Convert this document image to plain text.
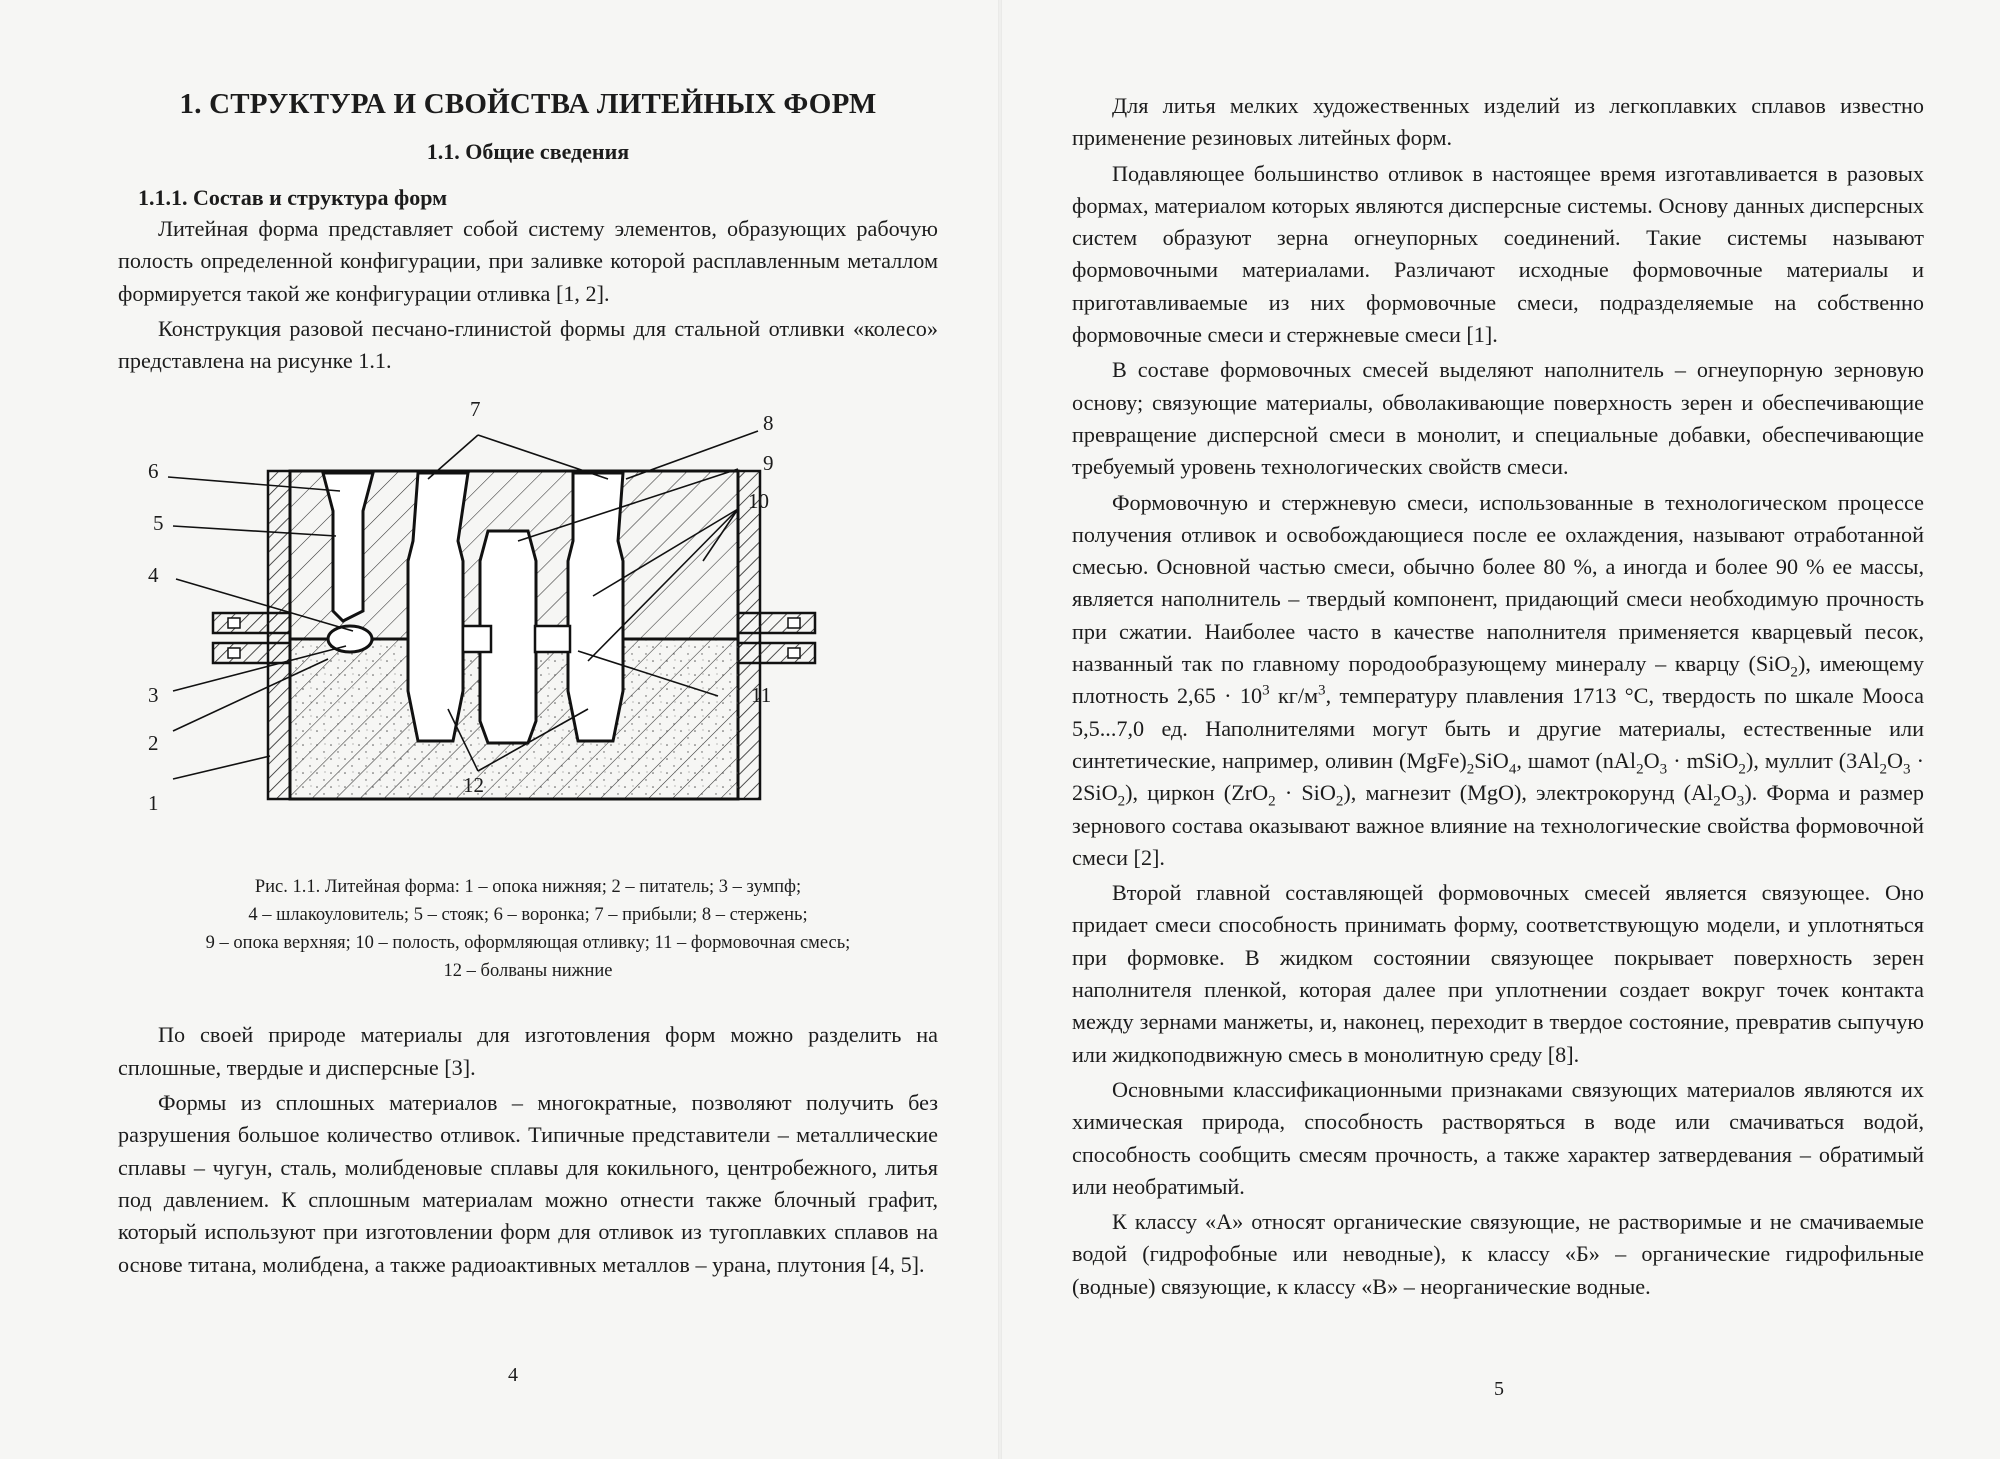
1. СТРУКТУРА И СВОЙСТВА ЛИТЕЙНЫХ ФОРМ
1.1. Общие сведения
1.1.1. Состав и структура форм

Литейная форма представляет собой систему элементов, образующих рабочую полость определенной конфигурации, при заливке которой расплавленным металлом формируется такой же конфигурации отливка [1, 2].

Конструкция разовой песчано-глинистой формы для стальной отливки «колесо» представлена на рисунке 1.1.

1
2
3
4
5
6
7
8
9
10
11
12
Рис. 1.1. Литейная форма: 1 – опока нижняя; 2 – питатель; 3 – зумпф;
4 – шлакоуловитель; 5 – стояк; 6 – воронка; 7 – прибыли; 8 – стержень;
9 – опока верхняя; 10 – полость, оформляющая отливку; 11 – формовочная смесь;
12 – болваны нижние

По своей природе материалы для изготовления форм можно разделить на сплошные, твердые и дисперсные [3].

Формы из сплошных материалов – многократные, позволяют получить без разрушения большое количество отливок. Типичные представители – металлические сплавы – чугун, сталь, молибденовые сплавы для кокильного, центробежного, литья под давлением. К сплошным материалам можно отнести также блочный графит, который используют при изготовлении форм для отливок из тугоплавких сплавов на основе титана, молибдена, а также радиоактивных металлов – урана, плутония [4, 5].

4

Для литья мелких художественных изделий из легкоплавких сплавов известно применение резиновых литейных форм.

Подавляющее большинство отливок в настоящее время изготавливается в разовых формах, материалом которых являются дисперсные системы. Основу данных дисперсных систем образуют зерна огнеупорных соединений. Такие системы называют формовочными материалами. Различают исходные формовочные материалы и приготавливаемые из них формовочные смеси, подразделяемые на собственно формовочные смеси и стержневые смеси [1].

В составе формовочных смесей выделяют наполнитель – огнеупорную зерновую основу; связующие материалы, обволакивающие поверхность зерен и обеспечивающие превращение дисперсной смеси в монолит, и специальные добавки, обеспечивающие требуемый уровень технологических свойств смеси.

Формовочную и стержневую смеси, использованные в технологическом процессе получения отливок и освобождающиеся после ее охлаждения, называют отработанной смесью. Основной частью смеси, обычно более 80 %, а иногда и более 90 % ее массы, является наполнитель – твердый компонент, придающий смеси необходимую прочность при сжатии. Наиболее часто в качестве наполнителя применяется кварцевый песок, названный так по главному породообразующему минералу – кварцу (SiO$_2$), имеющему плотность $2,65 \cdot 10^3$ $кг/м^3$, температуру плавления 1713 °С, твердость по шкале Мооса 5,5...7,0 ед. Наполнителями могут быть и другие материалы, естественные или синтетические, например, оливин $(MgFe)_2SiO_4$, шамот ($nAl_2O_3$ · mSiO$_2$), муллит $(3Al_2O_3 \cdot 2SiO_2)$, циркон (ZrO$_2$ · SiO$_2$), магнезит (MgO), электрокорунд $(Al_2O_3)$. Форма и размер зернового состава оказывают важное влияние на технологические свойства формовочной смеси [2].

Второй главной составляющей формовочных смесей является связующее. Оно придает смеси способность принимать форму, соответствующую модели, и уплотняться при формовке. В жидком состоянии связующее покрывает поверхность зерен наполнителя пленкой, которая далее при уплотнении создает вокруг точек контакта между зернами манжеты, и, наконец, переходит в твердое состояние, превратив сыпучую или жидкоподвижную смесь в монолитную среду [8].

Основными классификационными признаками связующих материалов являются их химическая природа, способность растворяться в воде или смачиваться водой, способность сообщить смесям прочность, а также характер затвердевания – обратимый или необратимый.

К классу «А» относят органические связующие, не растворимые и не смачиваемые водой (гидрофобные или неводные), к классу «Б» – органические гидрофильные (водные) связующие, к классу «В» – неорганические водные.

5
